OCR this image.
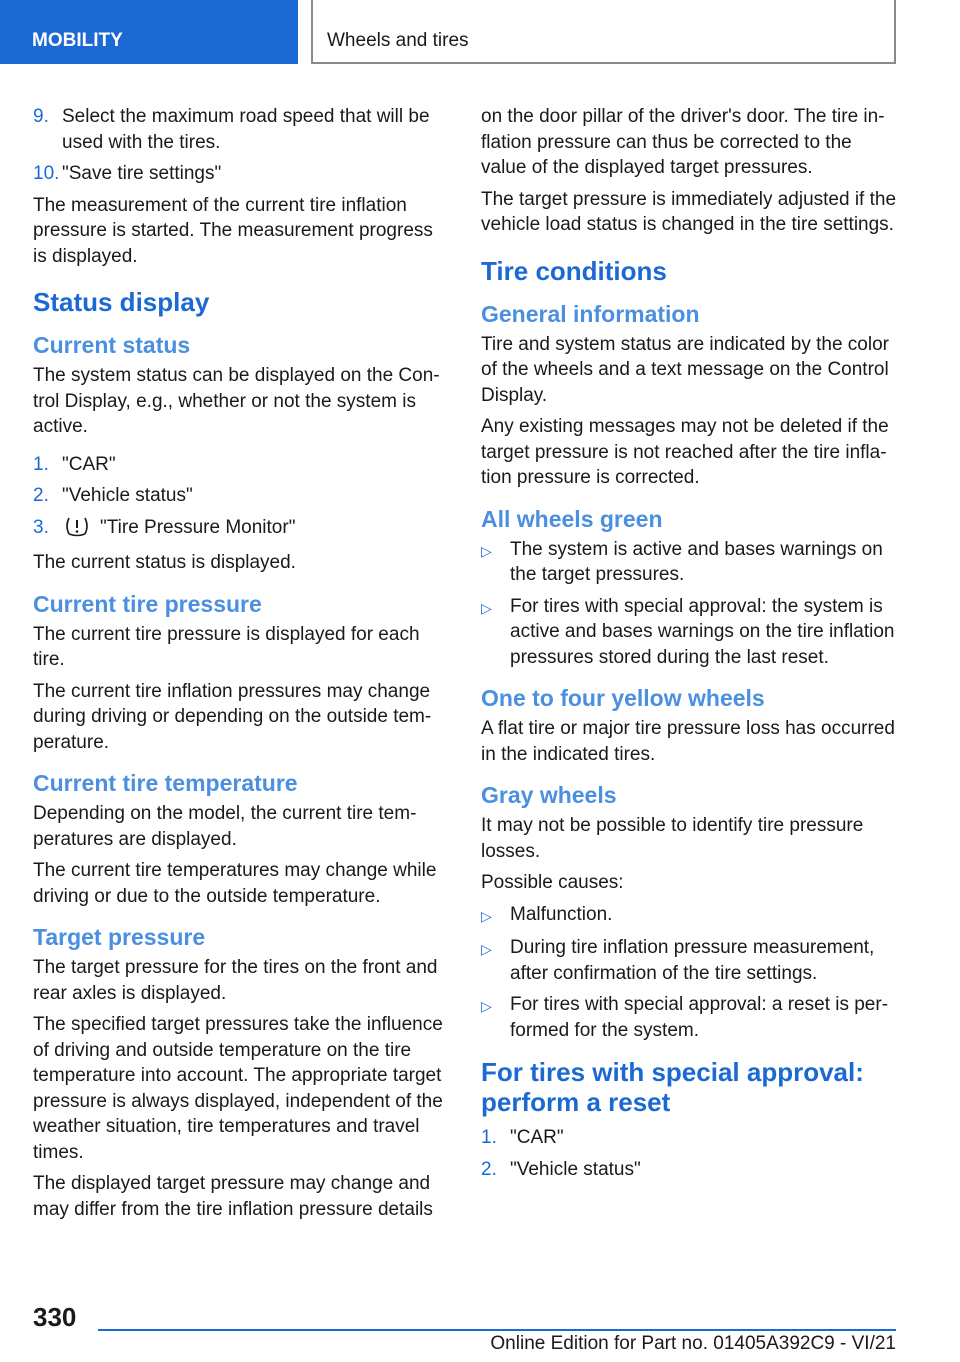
MOBILITY	Wheels and tires
9. Select the maximum road speed that will be used with the tires.
10. "Save tire settings"

The measurement of the current tire inflation pressure is started. The measurement progress is displayed.

Status display
Current status

The system status can be displayed on the Control Display, e.g., whether or not the system is active.

1. "CAR"
2. "Vehicle status"
3.	"Tire Pressure Monitor"

The current status is displayed.

Current tire pressure

The current tire pressure is displayed for each tire.

The current tire inflation pressures may change during driving or depending on the outside temperature.

Current tire temperature

Depending on the model, the current tire temperatures are displayed.

The current tire temperatures may change while driving or due to the outside temperature.

Target pressure

The target pressure for the tires on the front and rear axles is displayed.

The specified target pressures take the influence of driving and outside temperature on the tire temperature into account. The appropriate target pressure is always displayed, independent of the weather situation, tire temperatures and travel times.

The displayed target pressure may change and may differ from the tire inflation pressure details

on the door pillar of the driver's door. The tire inflation pressure can thus be corrected to the value of the displayed target pressures.

The target pressure is immediately adjusted if the vehicle load status is changed in the tire settings.

Tire conditions
General information

Tire and system status are indicated by the color of the wheels and a text message on the Control Display.

Any existing messages may not be deleted if the target pressure is not reached after the tire inflation pressure is corrected.

All wheels green
▷ The system is active and bases warnings on the target pressures.
▷ For tires with special approval: the system is active and bases warnings on the tire inflation pressures stored during the last reset.
One to four yellow wheels

A flat tire or major tire pressure loss has occurred in the indicated tires.

Gray wheels

It may not be possible to identify tire pressure losses.

Possible causes:

▷ Malfunction.
▷ During tire inflation pressure measurement, after confirmation of the tire settings.
▷ For tires with special approval: a reset is performed for the system.
For tires with special approval: perform a reset
1. "CAR"
2. "Vehicle status"
330
Online Edition for Part no. 01405A392C9 - VI/21
